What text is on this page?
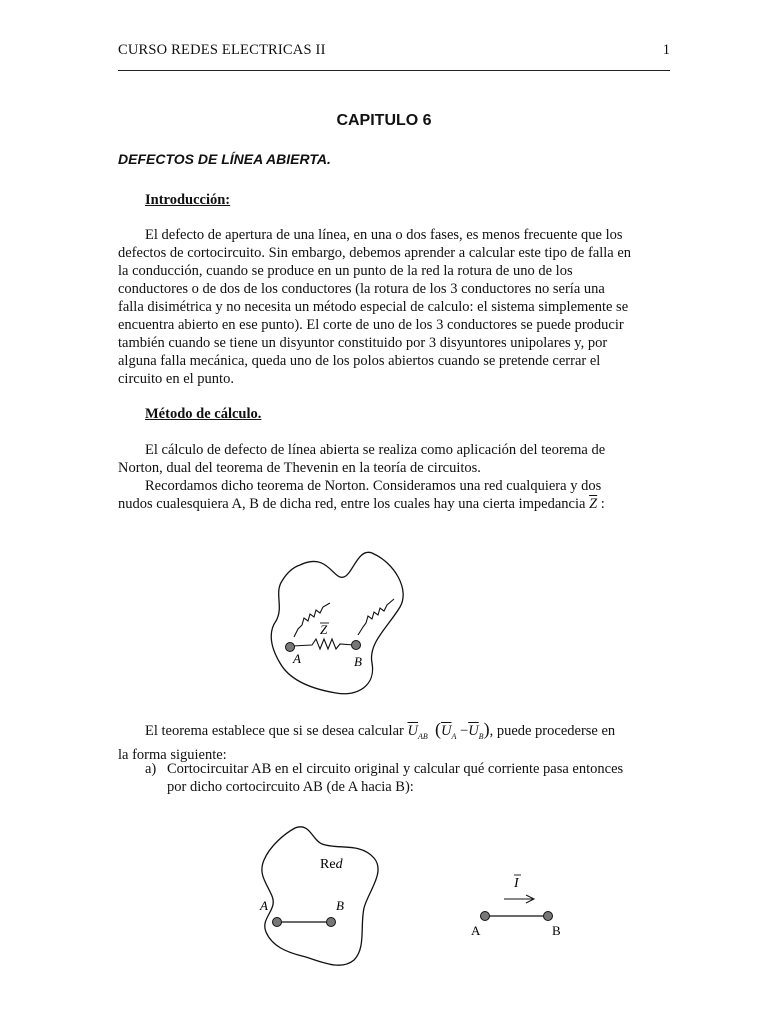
CURSO REDES ELECTRICAS II	1
CAPITULO 6
DEFECTOS DE LÍNEA ABIERTA.
Introducción:
El defecto de apertura de una línea, en una o dos fases, es menos frecuente que los
defectos de cortocircuito. Sin embargo, debemos aprender a calcular este tipo de falla en
la conducción, cuando se produce en un punto de la red la rotura de uno de los
conductores o de dos de los conductores (la rotura de los 3 conductores no sería una
falla disimétrica y no necesita un método especial de calculo: el sistema simplemente se
encuentra abierto en ese punto). El corte de uno de los 3 conductores se puede producir
también cuando se tiene un disyuntor constituido por 3 disyuntores unipolares y, por
alguna falla mecánica, queda uno de los polos abiertos cuando se pretende cerrar el
circuito en el punto.
Método de cálculo.
El cálculo de defecto de línea abierta se realiza como aplicación del teorema de
Norton, dual del teorema de Thevenin en la teoría de circuitos.
Recordamos dicho teorema de Norton. Consideramos una red cualquiera y dos
nudos cualesquiera A, B de dicha red, entre los cuales hay una cierta impedancia $\overline{Z}$ :
Z
A	B
El teorema establece que si se desea calcular $\overline{U}_{AB}$ $(\overline{U}_A -\overline{U}_B)$, puede procederse en
la forma siguiente:
a) Cortocircuitar AB en el circuito original y calcular qué corriente pasa entonces
por dicho cortocircuito AB (de A hacia B):
Red
A	B
I
A	B
